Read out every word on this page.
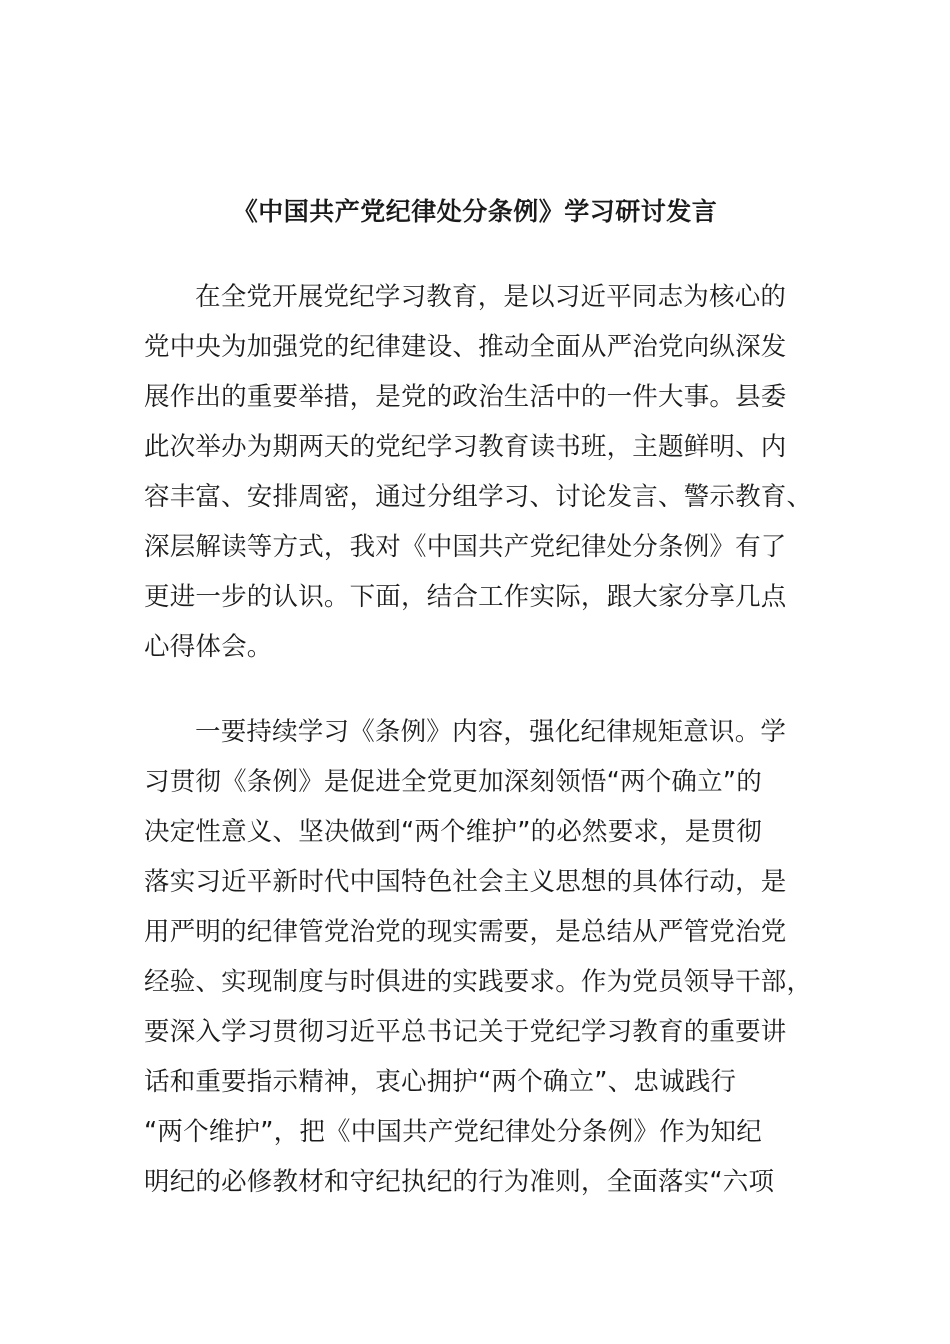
《中国共产党纪律处分条例》学习研讨发言
在全党开展党纪学习教育，是以习近平同志为核心的
党中央为加强党的纪律建设、推动全面从严治党向纵深发
展作出的重要举措，是党的政治生活中的一件大事。县委
此次举办为期两天的党纪学习教育读书班，主题鲜明、内
容丰富、安排周密，通过分组学习、讨论发言、警示教育、
深层解读等方式，我对《中国共产党纪律处分条例》有了
更进一步的认识。下面，结合工作实际，跟大家分享几点
心得体会。
一要持续学习《条例》内容，强化纪律规矩意识。学
习贯彻《条例》是促进全党更加深刻领悟“两个确立”的
决定性意义、坚决做到“两个维护”的必然要求，是贯彻
落实习近平新时代中国特色社会主义思想的具体行动，是
用严明的纪律管党治党的现实需要，是总结从严管党治党
经验、实现制度与时俱进的实践要求。作为党员领导干部，
要深入学习贯彻习近平总书记关于党纪学习教育的重要讲
话和重要指示精神，衷心拥护“两个确立”、忠诚践行
“两个维护”，把《中国共产党纪律处分条例》作为知纪
明纪的必修教材和守纪执纪的行为准则，全面落实“六项
